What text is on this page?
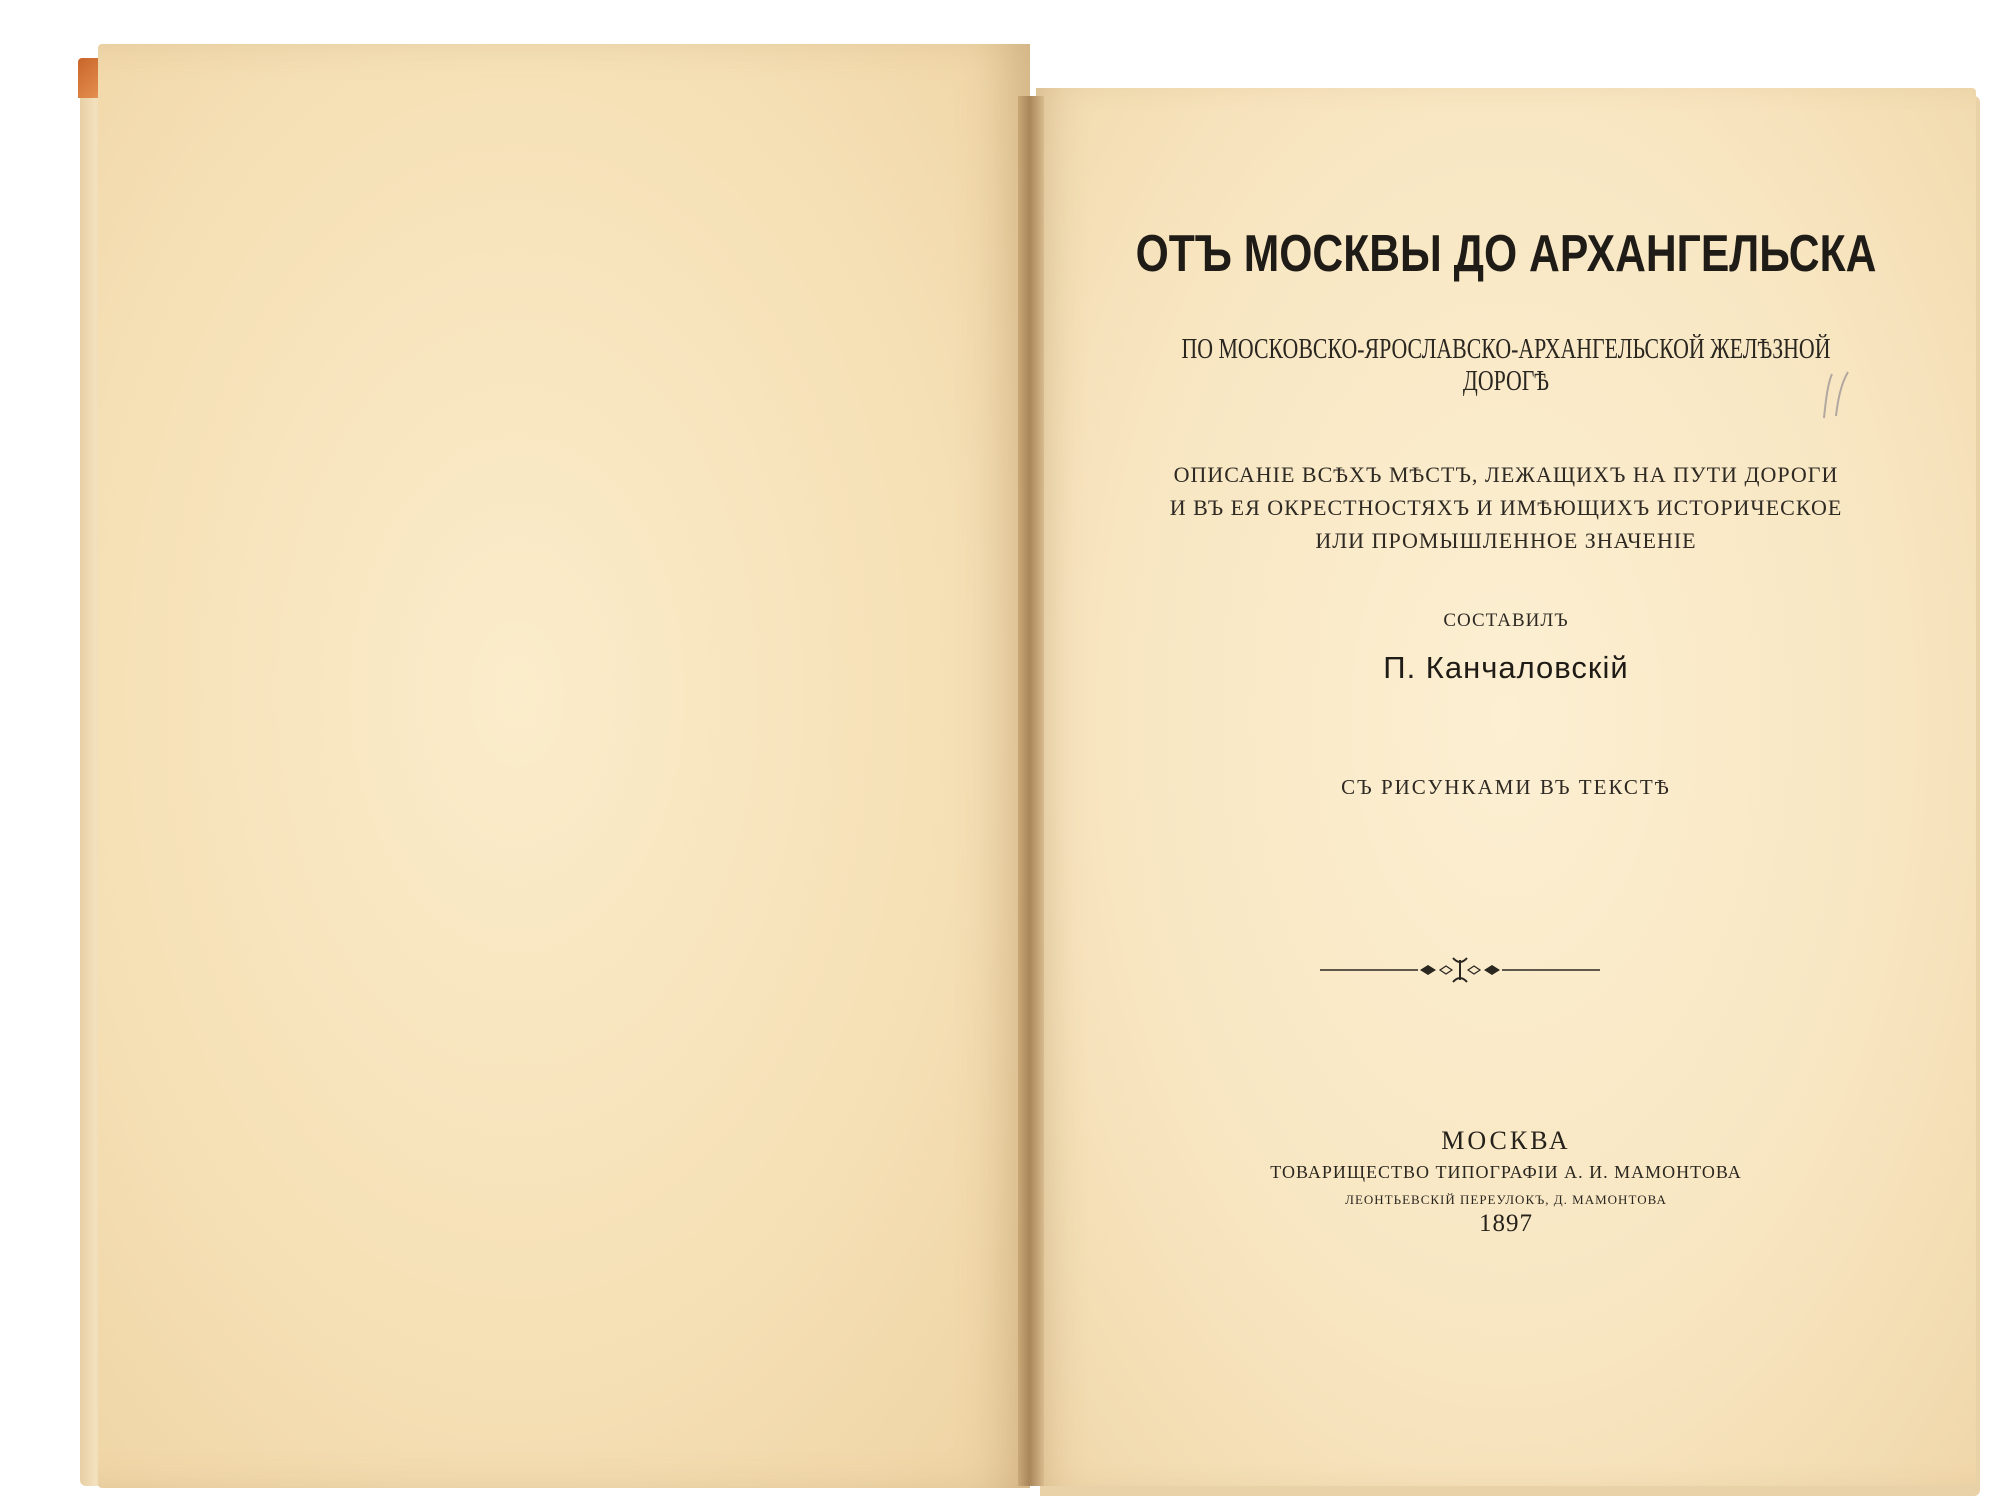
ОТЪ МОСКВЫ ДО АРХАНГЕЛЬСКА
ПО МОСКОВСКО-ЯРОСЛАВСКО-АРХАНГЕЛЬСКОЙ ЖЕЛѢЗНОЙ ДОРОГѢ
ОПИСАНІЕ ВСѢХЪ МѢСТЪ, ЛЕЖАЩИХЪ НА ПУТИ ДОРОГИ
И ВЪ ЕЯ ОКРЕСТНОСТЯХЪ И ИМѢЮЩИХЪ ИСТОРИЧЕСКОЕ
ИЛИ ПРОМЫШЛЕННОЕ ЗНАЧЕНІЕ
СОСТАВИЛЪ
П. Канчаловскій
СЪ РИСУНКАМИ ВЪ ТЕКСТѢ
МОСКВА
ТОВАРИЩЕСТВО ТИПОГРАФІИ А. И. МАМОНТОВА
ЛЕОНТЬЕВСКІЙ ПЕРЕУЛОКЪ, Д. МАМОНТОВА
1897
